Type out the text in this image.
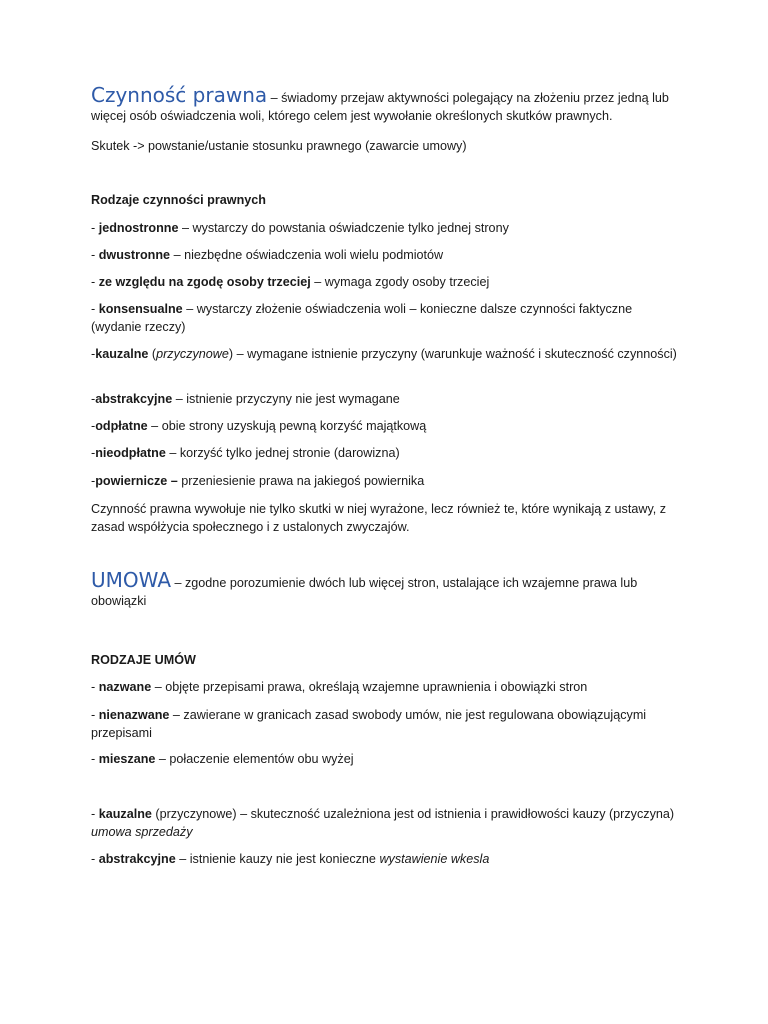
Czynność prawna – świadomy przejaw aktywności polegający na złożeniu przez jedną lub więcej osób oświadczenia woli, którego celem jest wywołanie określonych skutków prawnych.
Skutek -> powstanie/ustanie stosunku prawnego (zawarcie umowy)
Rodzaje czynności prawnych
- jednostronne – wystarczy do powstania oświadczenie tylko jednej strony
- dwustronne – niezbędne oświadczenia woli wielu podmiotów
- ze względu na zgodę osoby trzeciej – wymaga zgody osoby trzeciej
- konsensualne – wystarczy złożenie oświadczenia woli – konieczne dalsze czynności faktyczne (wydanie rzeczy)
-kauzalne (przyczynowe) – wymagane istnienie przyczyny (warunkuje ważność i skuteczność czynności)
-abstrakcyjne – istnienie przyczyny nie jest wymagane
-odpłatne – obie strony uzyskują pewną korzyść majątkową
-nieodpłatne – korzyść tylko jednej stronie (darowizna)
-powiernicze – przeniesienie prawa na jakiegoś powiernika
Czynność prawna wywołuje nie tylko skutki w niej wyrażone, lecz również te, które wynikają z ustawy, z zasad współżycia społecznego i z ustalonych zwyczajów.
UMOWA – zgodne porozumienie dwóch lub więcej stron, ustalające ich wzajemne prawa lub obowiązki
RODZAJE UMÓW
- nazwane – objęte przepisami prawa, określają wzajemne uprawnienia i obowiązki stron
- nienazwane – zawierane w granicach zasad swobody umów, nie jest regulowana obowiązującymi przepisami
- mieszane – połaczenie elementów obu wyżej
- kauzalne (przyczynowe) – skuteczność uzależniona jest od istnienia i prawidłowości kauzy (przyczyna) umowa sprzedaży
- abstrakcyjne – istnienie kauzy nie jest konieczne wystawienie wkesla
